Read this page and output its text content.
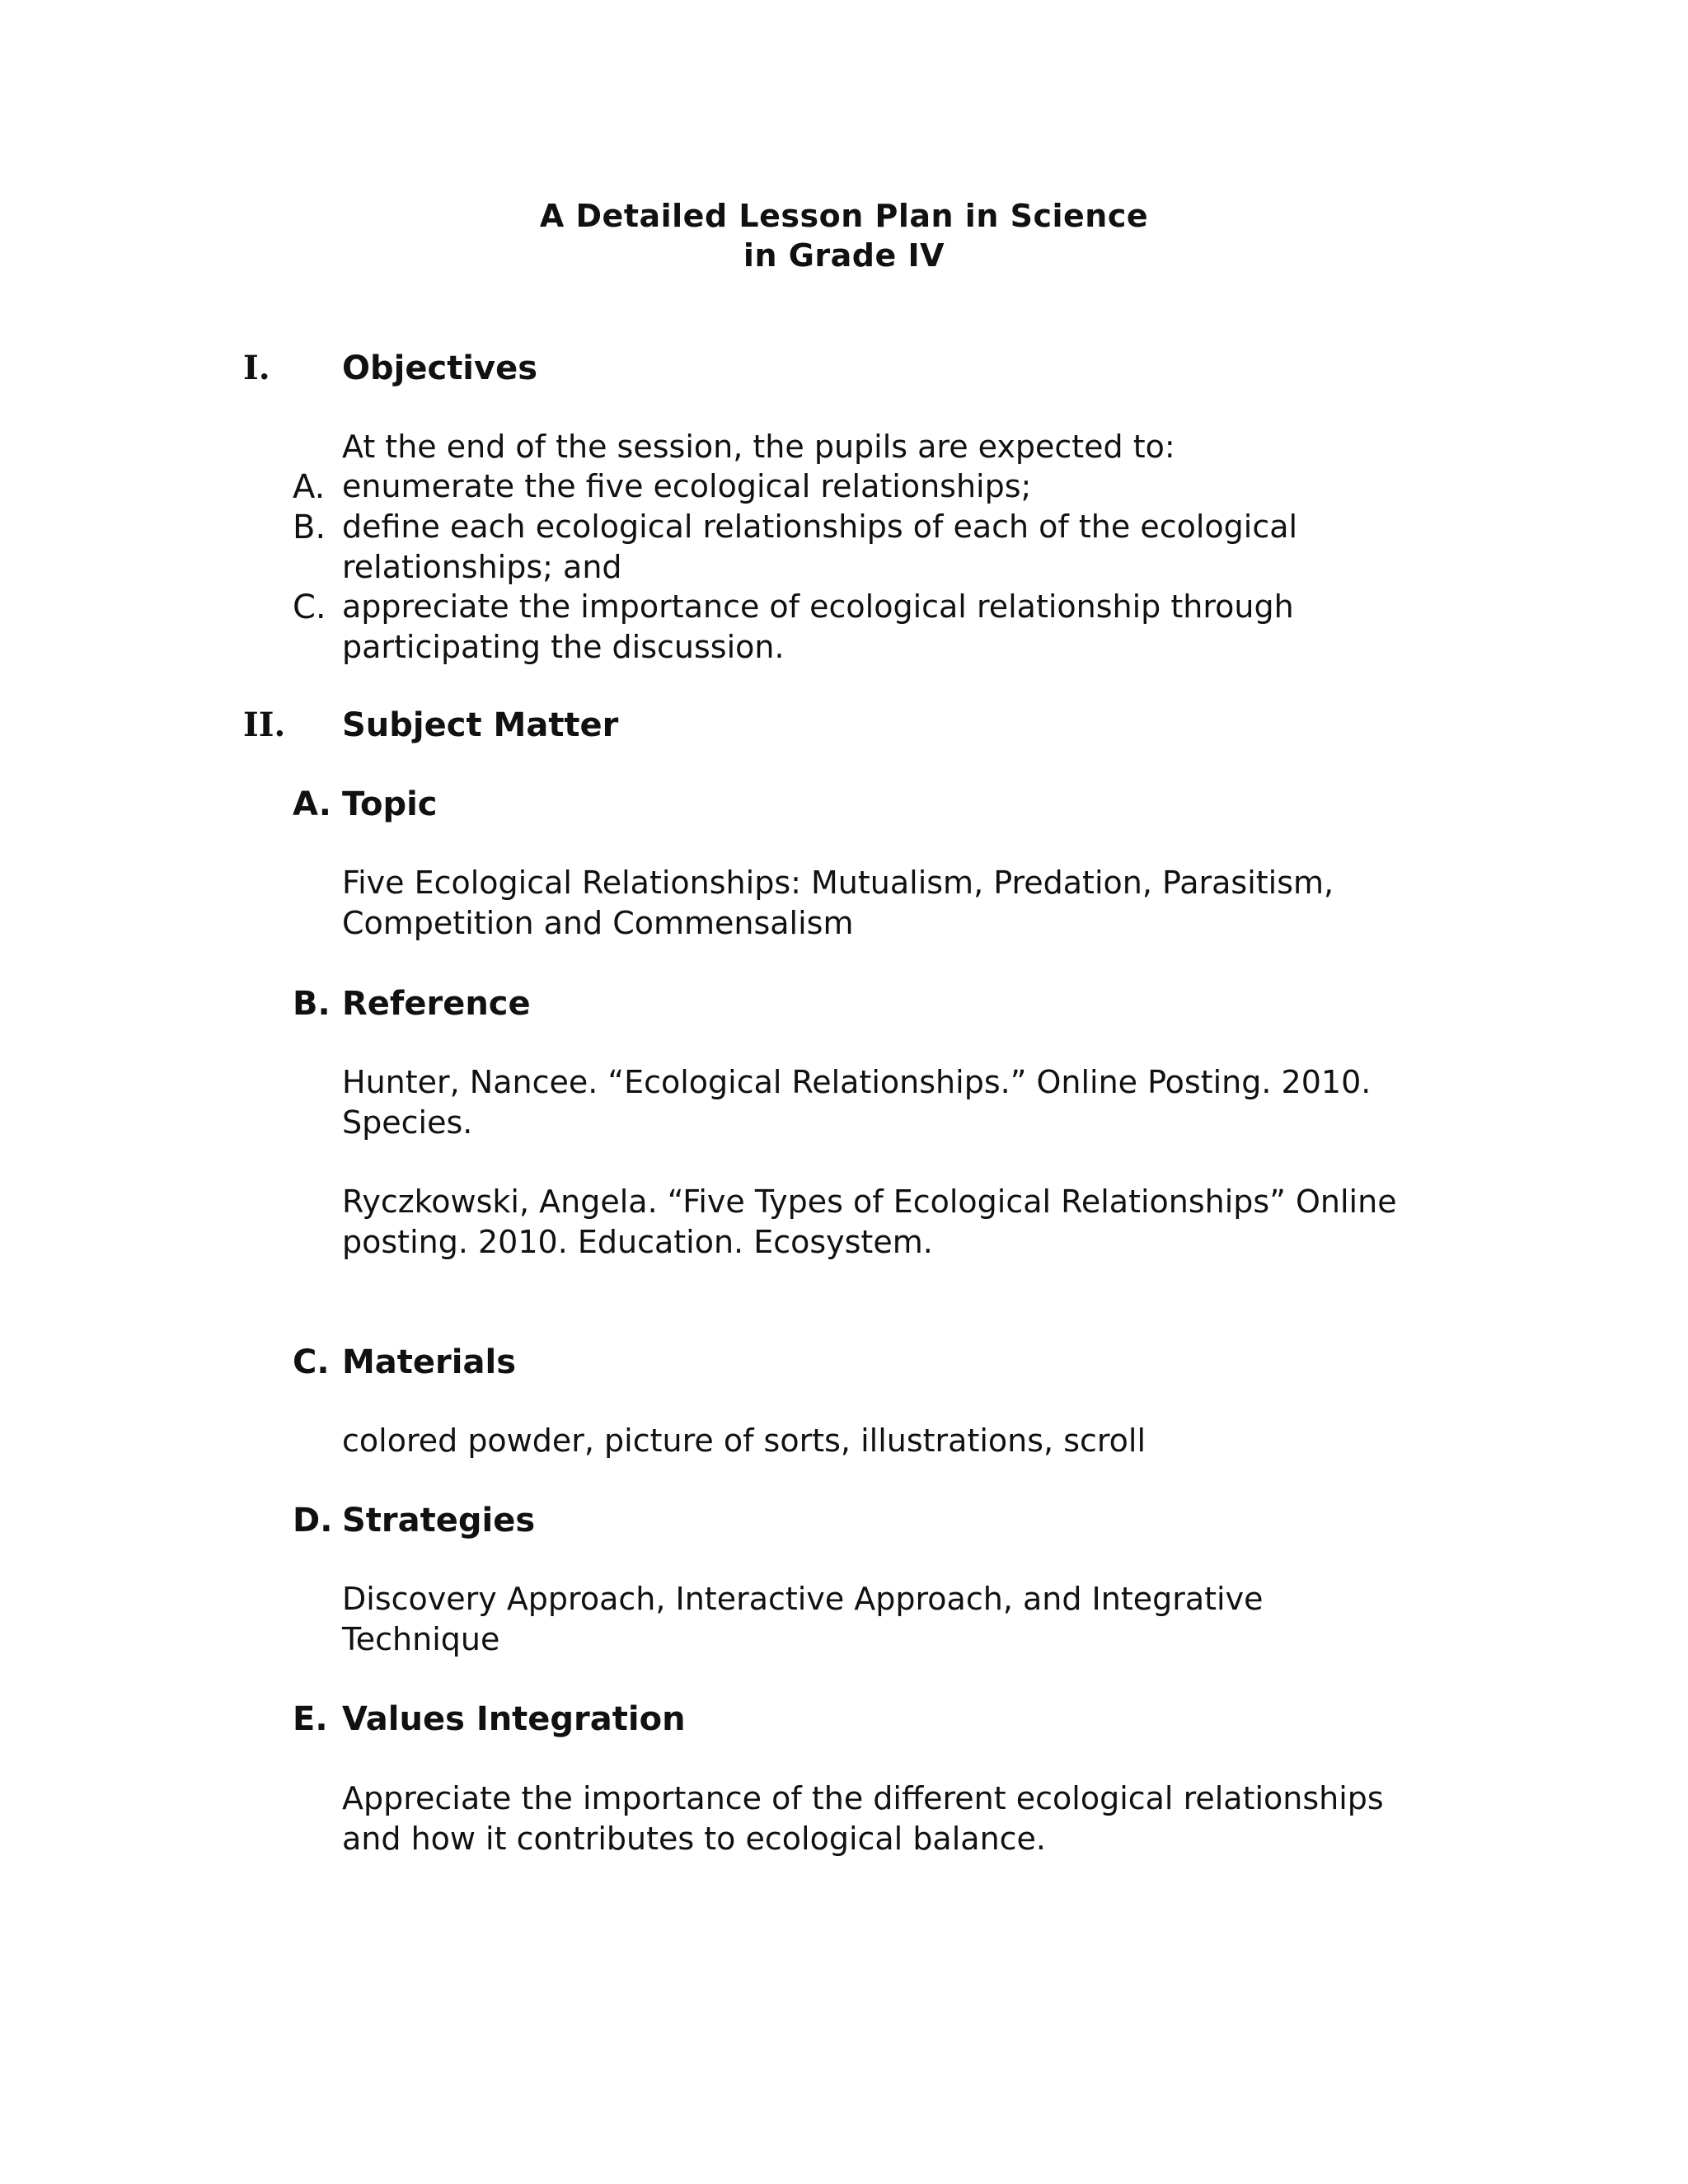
A Detailed Lesson Plan in Science
in Grade IV
I. Objectives
At the end of the session, the pupils are expected to:
A. enumerate the five ecological relationships;
B. define each ecological relationships of each of the ecological
relationships; and
C. appreciate the importance of ecological relationship through
participating the discussion.
II. Subject Matter
A. Topic
Five Ecological Relationships: Mutualism, Predation, Parasitism,
Competition and Commensalism
B. Reference
Hunter, Nancee. “Ecological Relationships.” Online Posting. 2010.
Species.
Ryczkowski, Angela. “Five Types of Ecological Relationships” Online
posting. 2010. Education. Ecosystem.
C. Materials
colored powder, picture of sorts, illustrations, scroll
D. Strategies
Discovery Approach, Interactive Approach, and Integrative
Technique
E. Values Integration
Appreciate the importance of the different ecological relationships
and how it contributes to ecological balance.
